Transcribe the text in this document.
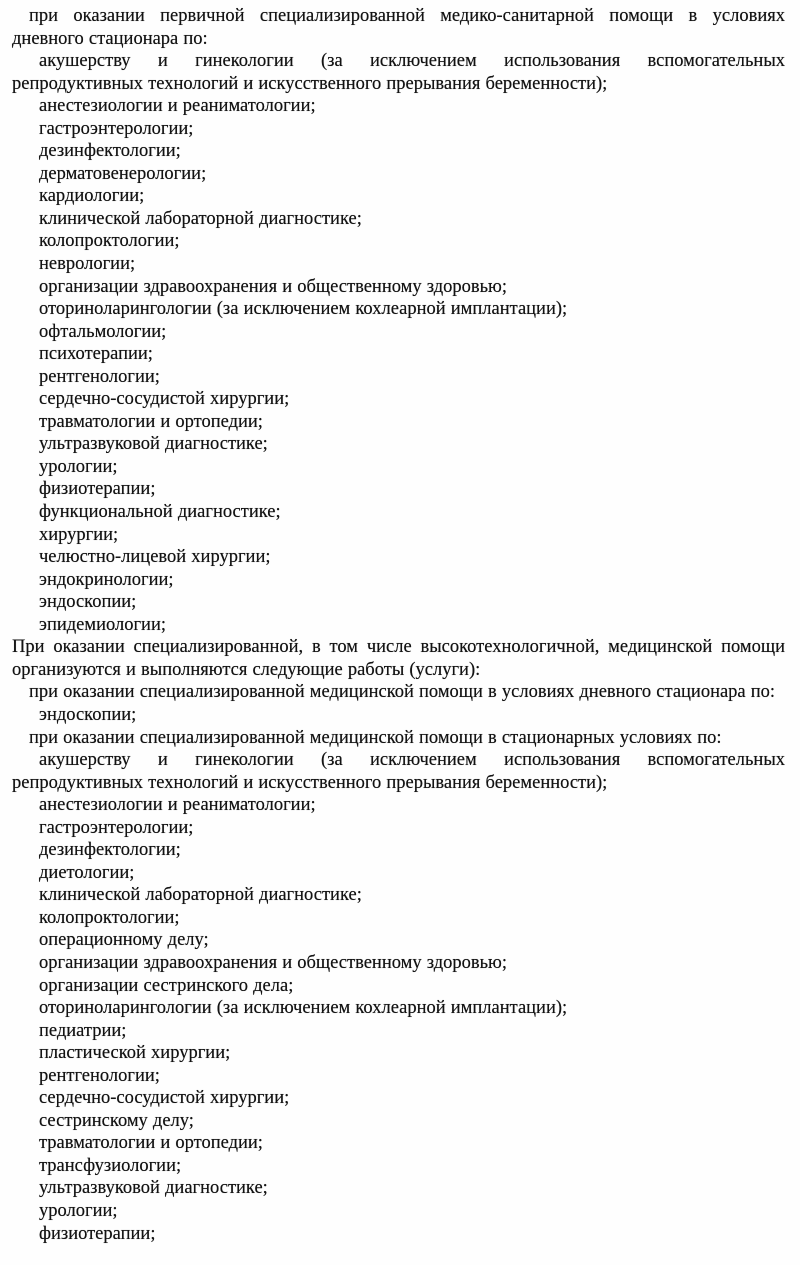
при оказании первичной специализированной медико-санитарной помощи в условиях дневного стационара по:

акушерству и гинекологии (за исключением использования вспомогательных репродуктивных технологий и искусственного прерывания беременности);

анестезиологии и реаниматологии;

гастроэнтерологии;

дезинфектологии;

дерматовенерологии;

кардиологии;

клинической лабораторной диагностике;

колопроктологии;

неврологии;

организации здравоохранения и общественному здоровью;

оториноларингологии (за исключением кохлеарной имплантации);

офтальмологии;

психотерапии;

рентгенологии;

сердечно-сосудистой хирургии;

травматологии и ортопедии;

ультразвуковой диагностике;

урологии;

физиотерапии;

функциональной диагностике;

хирургии;

челюстно-лицевой хирургии;

эндокринологии;

эндоскопии;

эпидемиологии;

При оказании специализированной, в том числе высокотехнологичной, медицинской помощи организуются и выполняются следующие работы (услуги):

при оказании специализированной медицинской помощи в условиях дневного стационара по:

эндоскопии;

при оказании специализированной медицинской помощи в стационарных условиях по:

акушерству и гинекологии (за исключением использования вспомогательных репродуктивных технологий и искусственного прерывания беременности);

анестезиологии и реаниматологии;

гастроэнтерологии;

дезинфектологии;

диетологии;

клинической лабораторной диагностике;

колопроктологии;

операционному делу;

организации здравоохранения и общественному здоровью;

организации сестринского дела;

оториноларингологии (за исключением кохлеарной имплантации);

педиатрии;

пластической хирургии;

рентгенологии;

сердечно-сосудистой хирургии;

сестринскому делу;

травматологии и ортопедии;

трансфузиологии;

ультразвуковой диагностике;

урологии;

физиотерапии;
